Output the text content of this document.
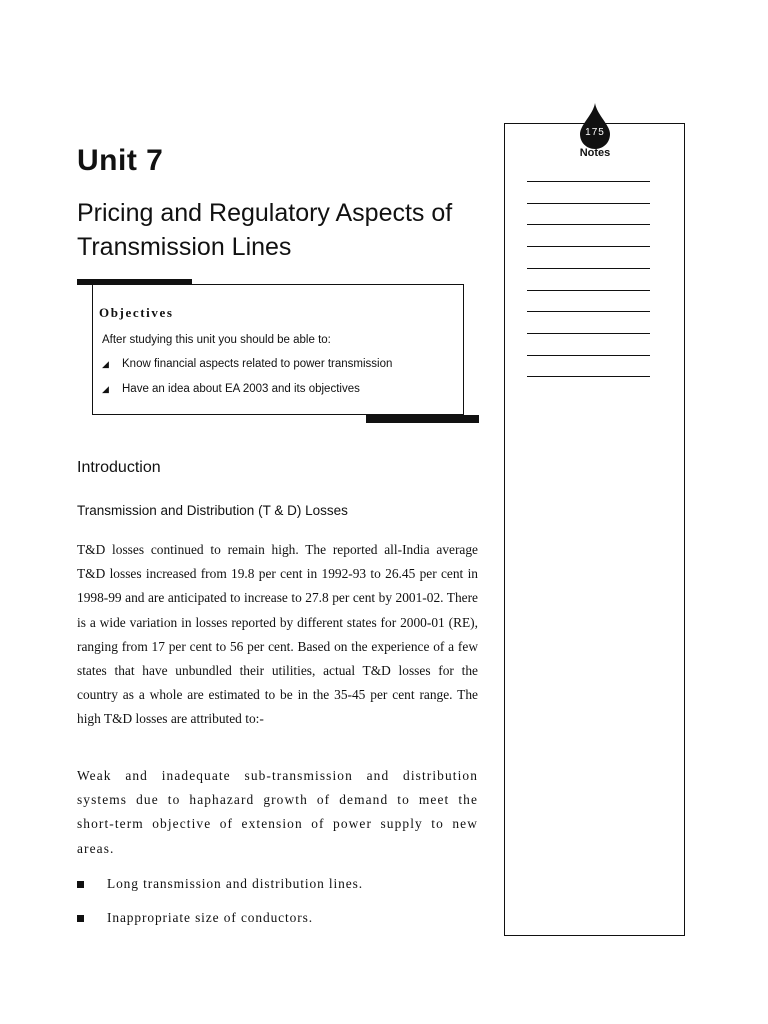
Unit 7
Pricing and Regulatory Aspects of Transmission Lines
Objectives
After studying this unit you should be able to:
◢	Know financial aspects related to power transmission
◢	Have an idea about EA 2003 and its objectives
Introduction
Transmission and Distribution (T & D) Losses

T&D losses continued to remain high. The reported all-India average T&D losses increased from 19.8 per cent in 1992-93 to 26.45 per cent in 1998-99 and are anticipated to increase to 27.8 per cent by 2001-02. There is a wide variation in losses reported by different states for 2000-01 (RE), ranging from 17 per cent to 56 per cent. Based on the experience of a few states that have unbundled their utilities, actual T&D losses for the country as a whole are estimated to be in the 35-45 per cent range. The high T&D losses are attributed to:-

Weak and inadequate sub-transmission and distribution systems due to haphazard growth of demand to meet the short-term objective of extension of power supply to new areas.

Long transmission and distribution lines.
Inappropriate size of conductors.
175
Notes
